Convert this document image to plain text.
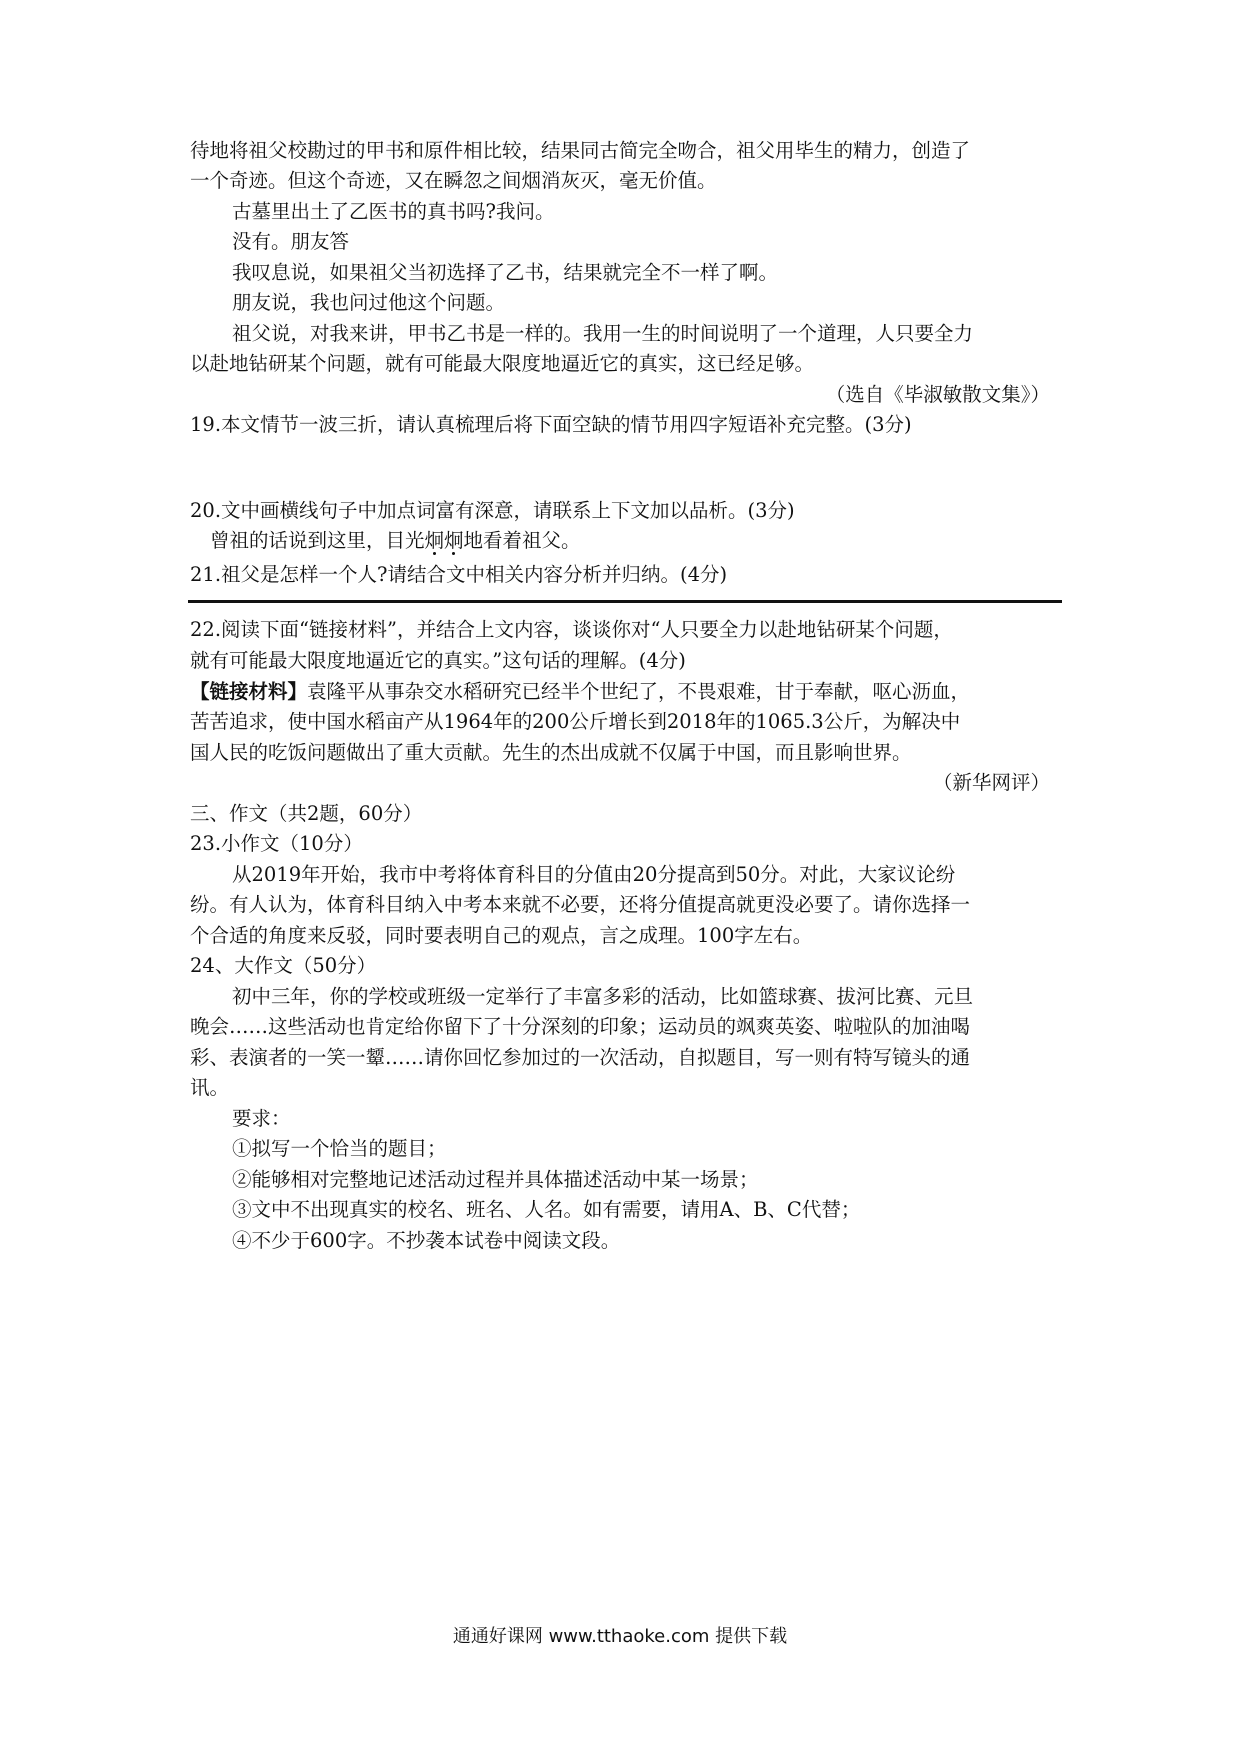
待地将祖父校勘过的甲书和原件相比较，结果同古简完全吻合，祖父用毕生的精力，创造了
一个奇迹。但这个奇迹，又在瞬忽之间烟消灰灭，毫无价值。
古墓里出土了乙医书的真书吗?我问。
没有。朋友答
我叹息说，如果祖父当初选择了乙书，结果就完全不一样了啊。
朋友说，我也问过他这个问题。
祖父说，对我来讲，甲书乙书是一样的。我用一生的时间说明了一个道理，人只要全力
以赴地钻研某个问题，就有可能最大限度地逼近它的真实，这已经足够。
（选自《毕淑敏散文集》）
19.本文情节一波三折，请认真梳理后将下面空缺的情节用四字短语补充完整。(3分)
20.文中画横线句子中加点词富有深意，请联系上下文加以品析。(3分)
曾祖的话说到这里，目光炯炯地看着祖父。
21.祖父是怎样一个人?请结合文中相关内容分析并归纳。(4分)
22.阅读下面“链接材料”，并结合上文内容，谈谈你对“人只要全力以赴地钻研某个问题，
就有可能最大限度地逼近它的真实。”这句话的理解。(4分)
【链接材料】袁隆平从事杂交水稻研究已经半个世纪了，不畏艰难，甘于奉献，呕心沥血，
苦苦追求，使中国水稻亩产从1964年的200公斤增长到2018年的1065.3公斤，为解决中
国人民的吃饭问题做出了重大贡献。先生的杰出成就不仅属于中国，而且影响世界。
（新华网评）
三、作文（共2题，60分）
23.小作文（10分）
从2019年开始，我市中考将体育科目的分值由20分提高到50分。对此，大家议论纷
纷。有人认为，体育科目纳入中考本来就不必要，还将分值提高就更没必要了。请你选择一
个合适的角度来反驳，同时要表明自己的观点，言之成理。100字左右。
24、大作文（50分）
初中三年，你的学校或班级一定举行了丰富多彩的活动，比如篮球赛、拔河比赛、元旦
晚会……这些活动也肯定给你留下了十分深刻的印象；运动员的飒爽英姿、啦啦队的加油喝
彩、表演者的一笑一颦……请你回忆参加过的一次活动，自拟题目，写一则有特写镜头的通
讯。
要求：
①拟写一个恰当的题目；
②能够相对完整地记述活动过程并具体描述活动中某一场景；
③文中不出现真实的校名、班名、人名。如有需要，请用A、B、C代替；
④不少于600字。不抄袭本试卷中阅读文段。
通通好课网 www.tthaoke.com 提供下载
